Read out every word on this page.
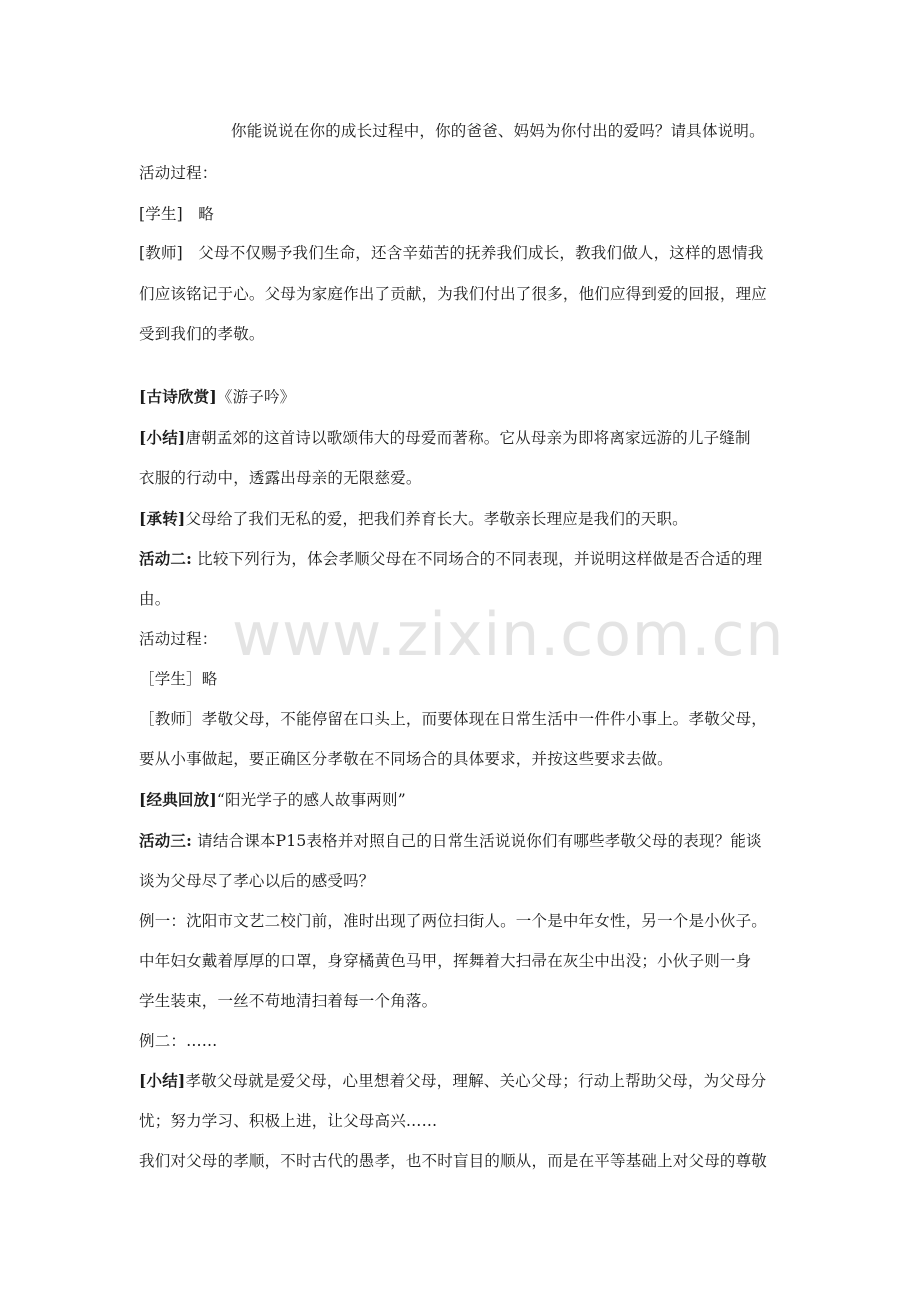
www.zixin.com.cn
你能说说在你的成长过程中，你的爸爸、妈妈为你付出的爱吗？请具体说明。
活动过程：
[学生] 略
[教师] 父母不仅赐予我们生命，还含辛茹苦的抚养我们成长，教我们做人，这样的恩情我
们应该铭记于心。父母为家庭作出了贡献，为我们付出了很多，他们应得到爱的回报，理应
受到我们的孝敬。
[古诗欣赏]《游子吟》
[小结]唐朝孟郊的这首诗以歌颂伟大的母爱而著称。它从母亲为即将离家远游的儿子缝制
衣服的行动中，透露出母亲的无限慈爱。
[承转]父母给了我们无私的爱，把我们养育长大。孝敬亲长理应是我们的天职。
活动二: 比较下列行为，体会孝顺父母在不同场合的不同表现，并说明这样做是否合适的理
由。
活动过程：
［学生］略
［教师］孝敬父母，不能停留在口头上，而要体现在日常生活中一件件小事上。孝敬父母，
要从小事做起，要正确区分孝敬在不同场合的具体要求，并按这些要求去做。
[经典回放]“阳光学子的感人故事两则”
活动三: 请结合课本P15表格并对照自己的日常生活说说你们有哪些孝敬父母的表现？能谈
谈为父母尽了孝心以后的感受吗？
例一：沈阳市文艺二校门前，准时出现了两位扫街人。一个是中年女性，另一个是小伙子。
中年妇女戴着厚厚的口罩，身穿橘黄色马甲，挥舞着大扫帚在灰尘中出没；小伙子则一身
学生装束，一丝不苟地清扫着每一个角落。
例二：……
[小结]孝敬父母就是爱父母，心里想着父母，理解、关心父母；行动上帮助父母，为父母分
忧；努力学习、积极上进，让父母高兴……
我们对父母的孝顺，不时古代的愚孝，也不时盲目的顺从，而是在平等基础上对父母的尊敬
